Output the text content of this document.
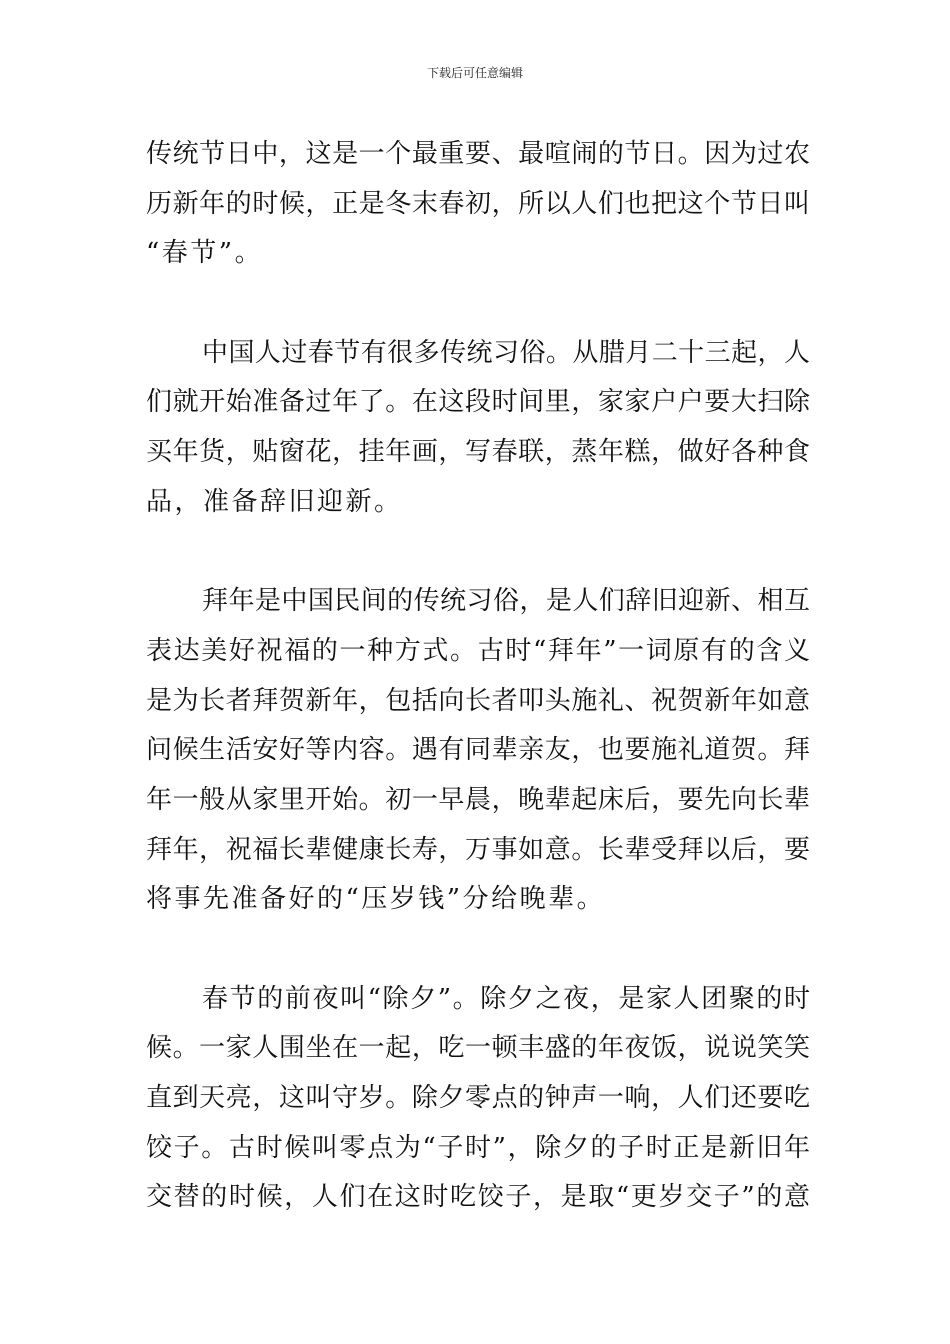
下载后可任意编辑
传统节日中，这是一个最重要、最喧闹的节日。因为过农
历新年的时候，正是冬末春初，所以人们也把这个节日叫
“春节”。
中国人过春节有很多传统习俗。从腊月二十三起，人
们就开始准备过年了。在这段时间里，家家户户要大扫除
买年货，贴窗花，挂年画，写春联，蒸年糕，做好各种食
品，准备辞旧迎新。
拜年是中国民间的传统习俗，是人们辞旧迎新、相互
表达美好祝福的一种方式。古时“拜年”一词原有的含义
是为长者拜贺新年，包括向长者叩头施礼、祝贺新年如意
问候生活安好等内容。遇有同辈亲友，也要施礼道贺。拜
年一般从家里开始。初一早晨，晚辈起床后，要先向长辈
拜年，祝福长辈健康长寿，万事如意。长辈受拜以后，要
将事先准备好的“压岁钱”分给晚辈。
春节的前夜叫“除夕”。除夕之夜，是家人团聚的时
候。一家人围坐在一起，吃一顿丰盛的年夜饭，说说笑笑
直到天亮，这叫守岁。除夕零点的钟声一响，人们还要吃
饺子。古时候叫零点为“子时”，除夕的子时正是新旧年
交替的时候，人们在这时吃饺子，是取“更岁交子”的意
